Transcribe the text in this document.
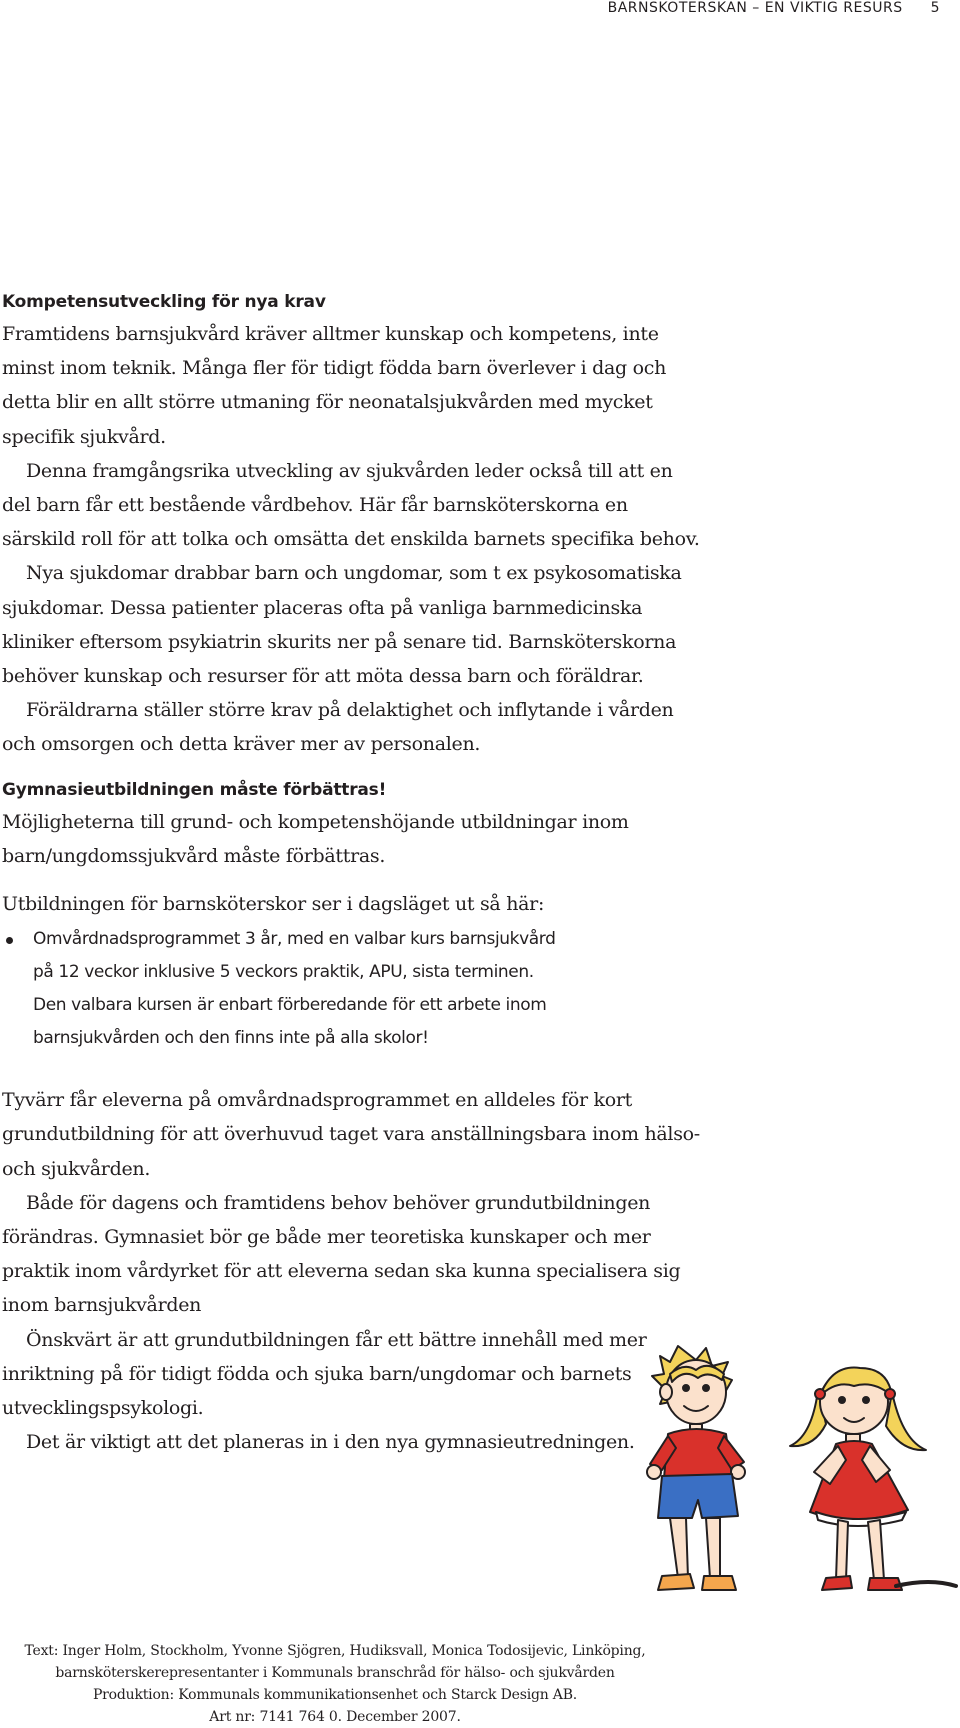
BARNSKÖTERSKAN – EN VIKTIG RESURS 5
Kompetensutveckling för nya krav

Framtidens barnsjukvård kräver alltmer kunskap och kompetens, inte minst inom teknik. Många fler för tidigt födda barn överlever i dag och detta blir en allt större utmaning för neonatalsjukvården med mycket specifik sjukvård.

Denna framgångsrika utveckling av sjukvården leder också till att en del barn får ett bestående vårdbehov. Här får barnsköterskorna en särskild roll för att tolka och omsätta det enskilda barnets specifika behov.

Nya sjukdomar drabbar barn och ungdomar, som t ex psykosomatiska sjukdomar. Dessa patienter placeras ofta på vanliga barnmedicinska kliniker eftersom psykiatrin skurits ner på senare tid. Barnsköterskorna behöver kunskap och resurser för att möta dessa barn och föräldrar.

Föräldrarna ställer större krav på delaktighet och inflytande i vården och omsorgen och detta kräver mer av personalen.

Gymnasieutbildningen måste förbättras!

Möjligheterna till grund- och kompetenshöjande utbildningar inom barn/ungdomssjukvård måste förbättras.

Utbildningen för barnsköterskor ser i dagsläget ut så här:

Omvårdnadsprogrammet 3 år, med en valbar kurs barnsjukvård
på 12 veckor inklusive 5 veckors praktik, APU, sista terminen.
Den valbara kursen är enbart förberedande för ett arbete inom
barnsjukvården och den finns inte på alla skolor!

Tyvärr får eleverna på omvårdnadsprogrammet en alldeles för kort grundutbildning för att överhuvud taget vara anställningsbara inom hälso- och sjukvården.

Både för dagens och framtidens behov behöver grundutbildningen förändras. Gymnasiet bör ge både mer teoretiska kunskaper och mer praktik inom vårdyrket för att eleverna sedan ska kunna specialisera sig inom barnsjukvården

Önskvärt är att grundutbildningen får ett bättre innehåll med mer inriktning på för tidigt födda och sjuka barn/ungdomar och barnets utvecklingspsykologi.

Det är viktigt att det planeras in i den nya gymnasieutredningen.

Text: Inger Holm, Stockholm, Yvonne Sjögren, Hudiksvall, Monica Todosijevic, Linköping,
barnsköterskerepresentanter i Kommunals branschråd för hälso- och sjukvården
Produktion: Kommunals kommunikationsenhet och Starck Design AB.
Art nr: 7141 764 0. December 2007.
